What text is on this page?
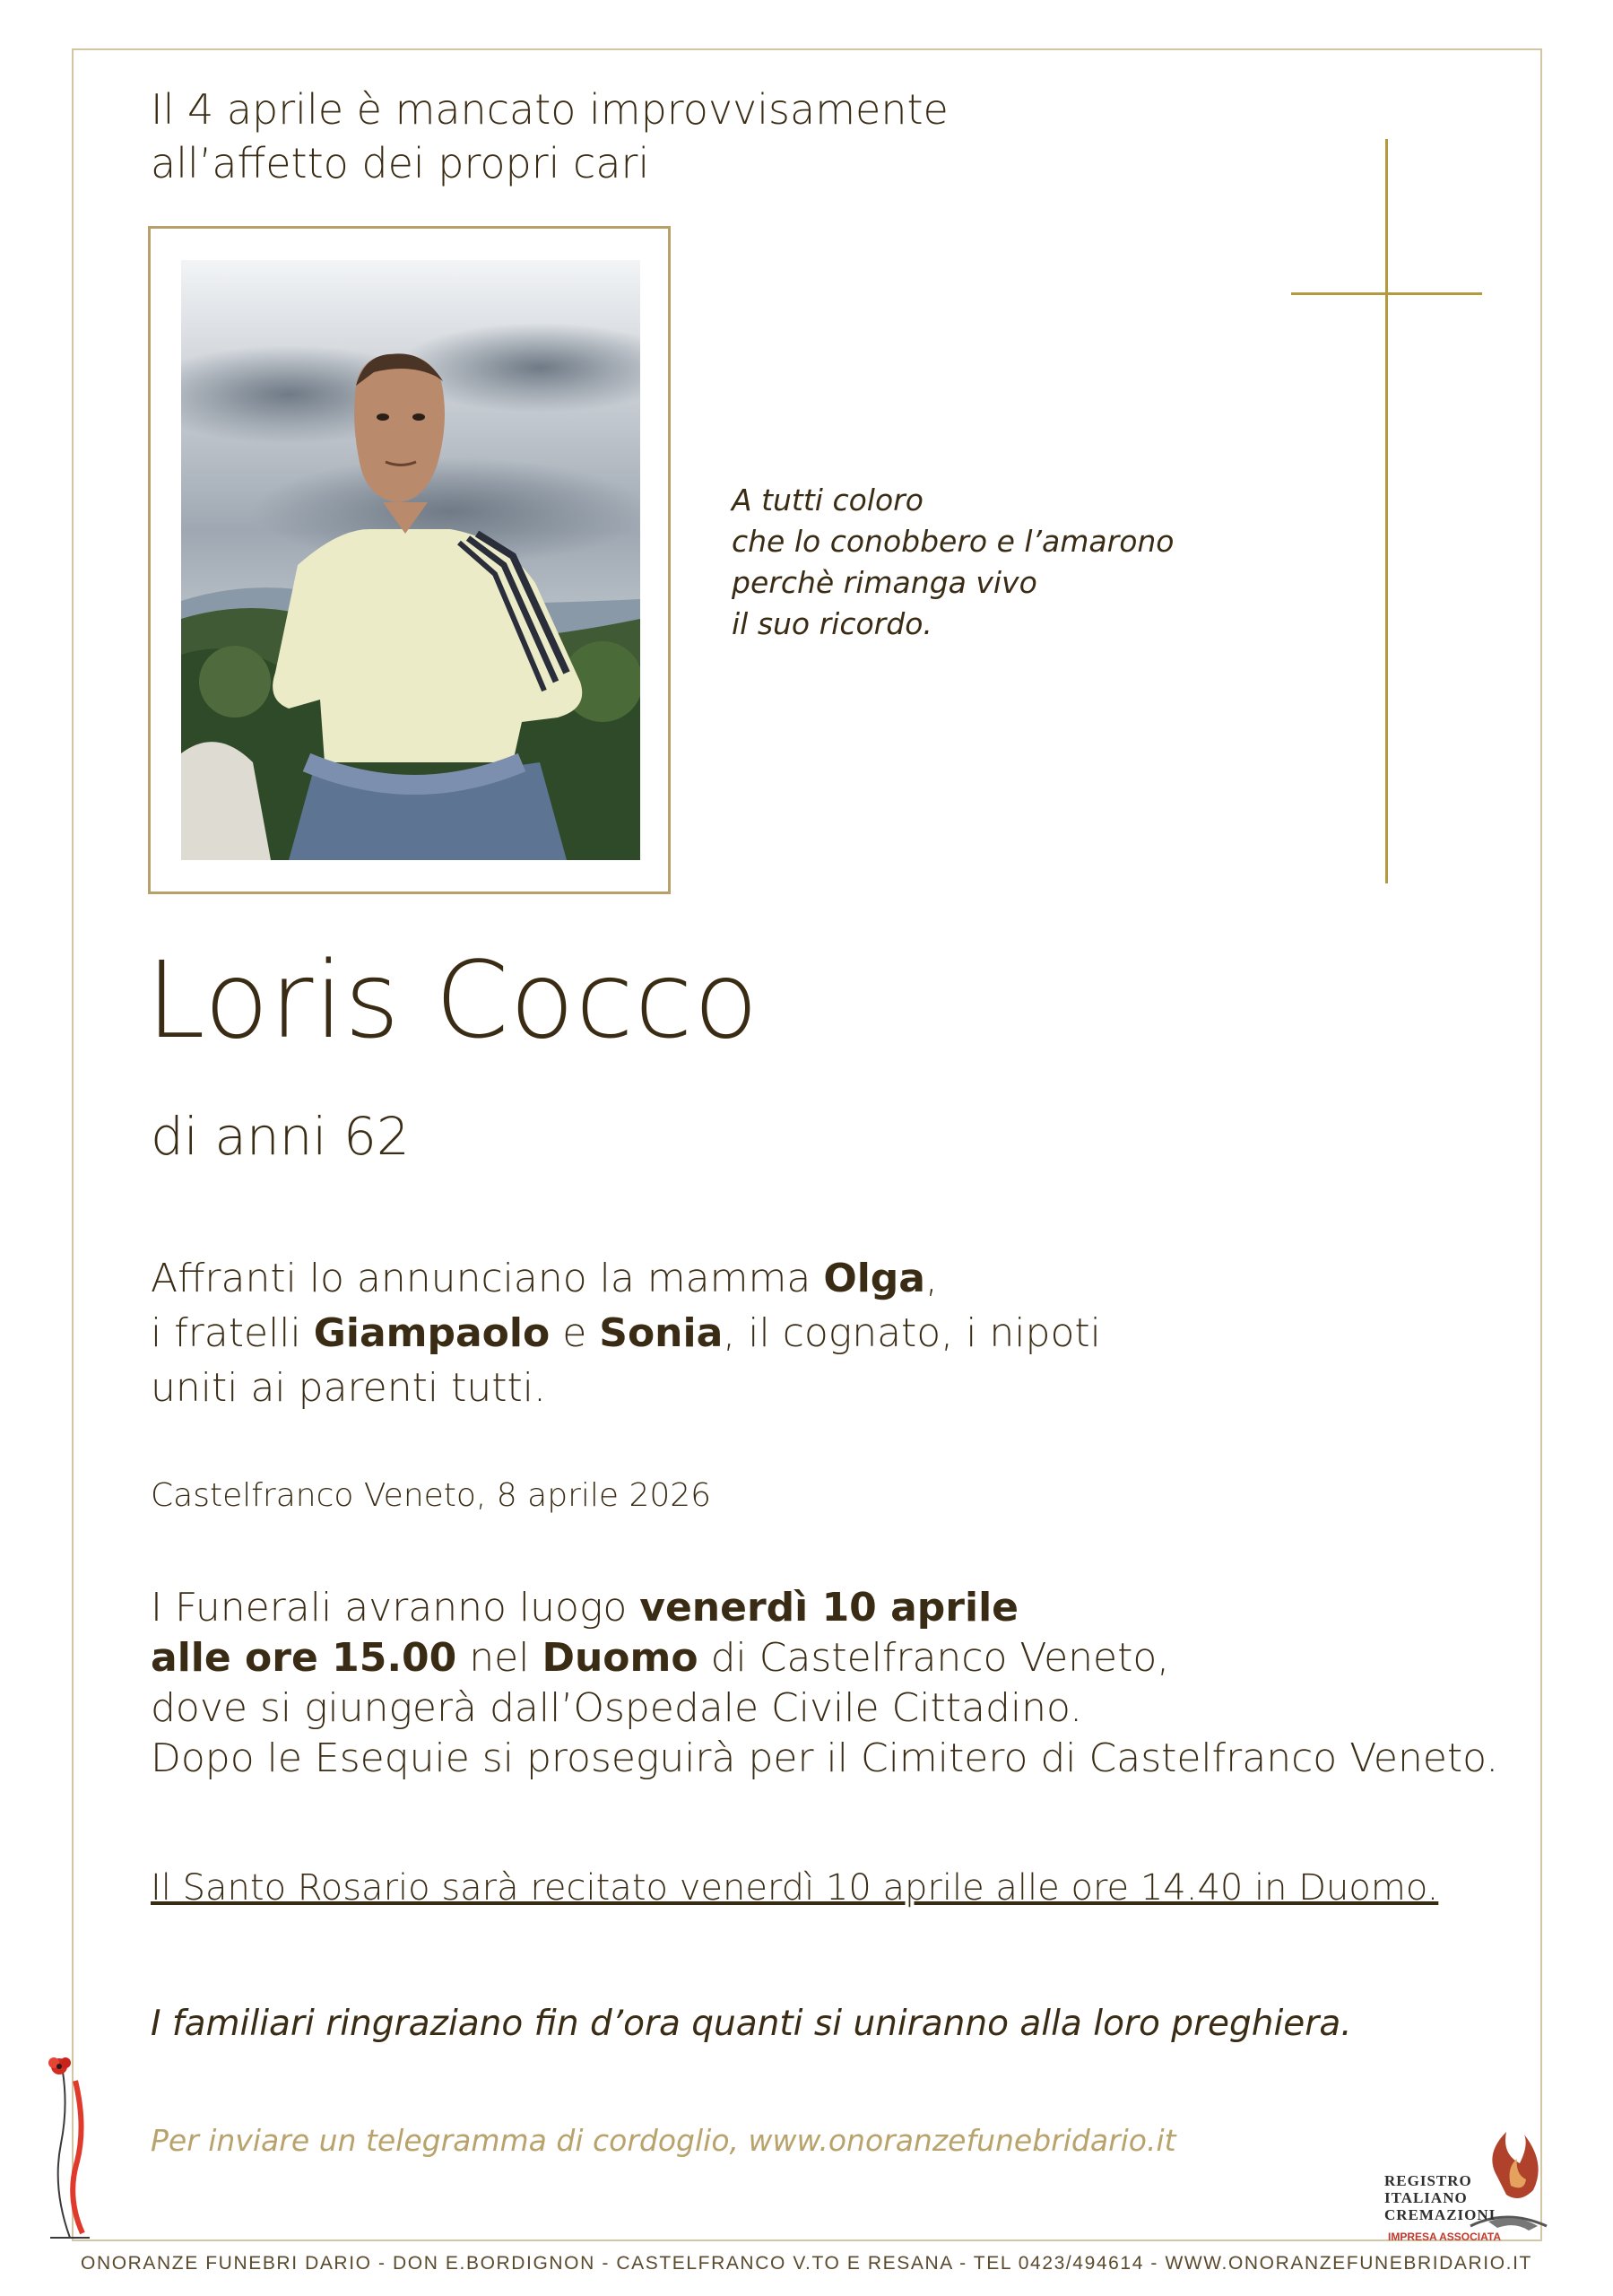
Il 4 aprile è mancato improvvisamente
all’affetto dei propri cari
A tutti coloro
che lo conobbero e l’amarono
perchè rimanga vivo
il suo ricordo.
Loris Cocco
di anni 62
Affranti lo annunciano la mamma Olga,
i fratelli Giampaolo e Sonia, il cognato, i nipoti
uniti ai parenti tutti.
Castelfranco Veneto, 8 aprile 2026
I Funerali avranno luogo venerdì 10 aprile
alle ore 15.00 nel Duomo di Castelfranco Veneto,
dove si giungerà dall’Ospedale Civile Cittadino.
Dopo le Esequie si proseguirà per il Cimitero di Castelfranco Veneto.
Il Santo Rosario sarà recitato venerdì 10 aprile alle ore 14.40 in Duomo.
I familiari ringraziano fin d’ora quanti si uniranno alla loro preghiera.
Per inviare un telegramma di cordoglio, www.onoranzefunebridario.it
REGISTRO
ITALIANO
CREMAZIONI
IMPRESA ASSOCIATA
ONORANZE FUNEBRI DARIO - DON E.BORDIGNON - CASTELFRANCO V.TO E RESANA - TEL 0423/494614 - WWW.ONORANZEFUNEBRIDARIO.IT
